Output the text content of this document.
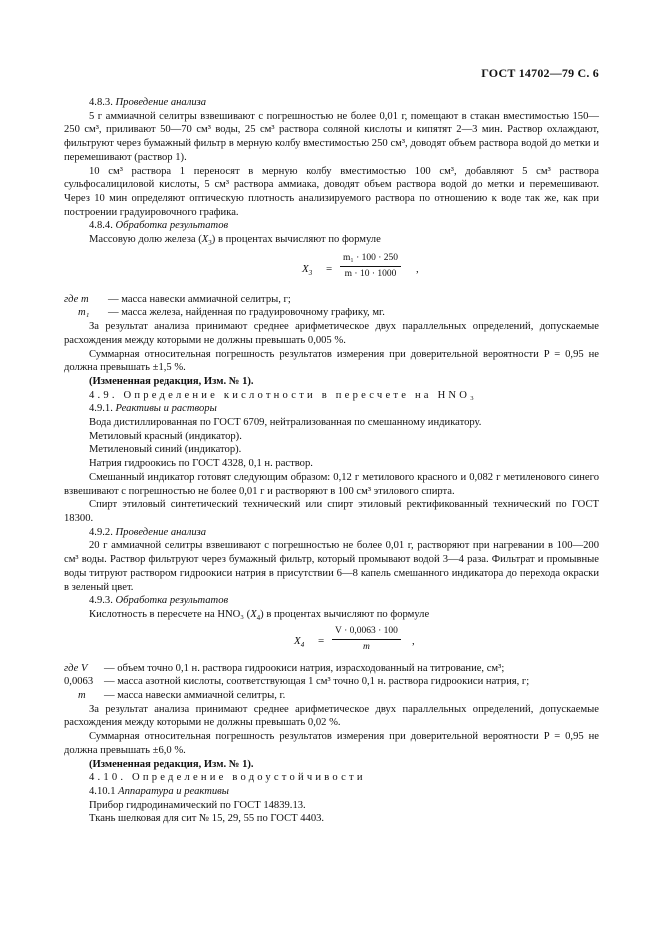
ГОСТ 14702—79 С. 6

4.8.3. Проведение анализа

5 г аммиачной селитры взвешивают с погрешностью не более 0,01 г, помещают в стакан вместимостью 150—250 см³, приливают 50—70 см³ воды, 25 см³ раствора соляной кислоты и кипятят 2—3 мин. Раствор охлаждают, фильтруют через бумажный фильтр в мерную колбу вместимостью 250 см³, доводят объем раствора водой до метки и перемешивают (раствор 1).

10 см³ раствора 1 переносят в мерную колбу вместимостью 100 см³, добавляют 5 см³ раствора сульфосалициловой кислоты, 5 см³ раствора аммиака, доводят объем раствора водой до метки и перемешивают. Через 10 мин определяют оптическую плотность анализируемого раствора по отношению к воде так же, как при построении градуировочного графика.

4.8.4. Обработка результатов

Массовую долю железа $(X_3)$ в процентах вычисляют по формуле

$X_3 = \frac{\text{m₁ · 100 · 250}}{m \cdot 10 \cdot 1000}$ ,
где m	— масса навески аммиачной селитры, г;
m₁	— масса железа, найденная по градуировочному графику, мг.

За результат анализа принимают среднее арифметическое двух параллельных определений, допускаемые расхождения между которыми не должны превышать 0,005 %.

Суммарная относительная погрешность результатов измерения при доверительной вероятности P = 0,95 не должна превышать ±1,5 %.

(Измененная редакция, Изм. № 1).

4.9. Определение кислотности в пересчете на HNO₃

4.9.1. Реактивы и растворы

Вода дистиллированная по ГОСТ 6709, нейтрализованная по смешанному индикатору.

Метиловый красный (индикатор).

Метиленовый синий (индикатор).

Натрия гидроокись по ГОСТ 4328, 0,1 н. раствор.

Смешанный индикатор готовят следующим образом: 0,12 г метилового красного и 0,082 г метиленового синего взвешивают с погрешностью не более 0,01 г и растворяют в 100 см³ этилового спирта.

Спирт этиловый синтетический технический или спирт этиловый ректификованный технический по ГОСТ 18300.

4.9.2. Проведение анализа

20 г аммиачной селитры взвешивают с погрешностью не более 0,01 г, растворяют при нагревании в 100—200 см³ воды. Раствор фильтруют через бумажный фильтр, который промывают водой 3—4 раза. Фильтрат и промывные воды титруют раствором гидроокиси натрия в присутствии 6—8 капель смешанного индикатора до перехода окраски в зеленый цвет.

4.9.3. Обработка результатов

Кислотность в пересчете на HNO₃ $(X_4)$ в процентах вычисляют по формуле

$X_4 = \frac{V \cdot 0,0063 \cdot 100}{m}$ ,
где V	— объем точно 0,1 н. раствора гидроокиси натрия, израсходованный на титрование, см³;
0,0063	— масса азотной кислоты, соответствующая 1 см³ точно 0,1 н. раствора гидроокиси натрия, г;
m	— масса навески аммиачной селитры, г.

За результат анализа принимают среднее арифметическое двух параллельных определений, допускаемые расхождения между которыми не должны превышать 0,02 %.

Суммарная относительная погрешность результатов измерения при доверительной вероятности P = 0,95 не должна превышать ±6,0 %.

(Измененная редакция, Изм. № 1).

4.10. Определение водоустойчивости

4.10.1 Аппаратура и реактивы

Прибор гидродинамический по ГОСТ 14839.13.

Ткань шелковая для сит № 15, 29, 55 по ГОСТ 4403.
